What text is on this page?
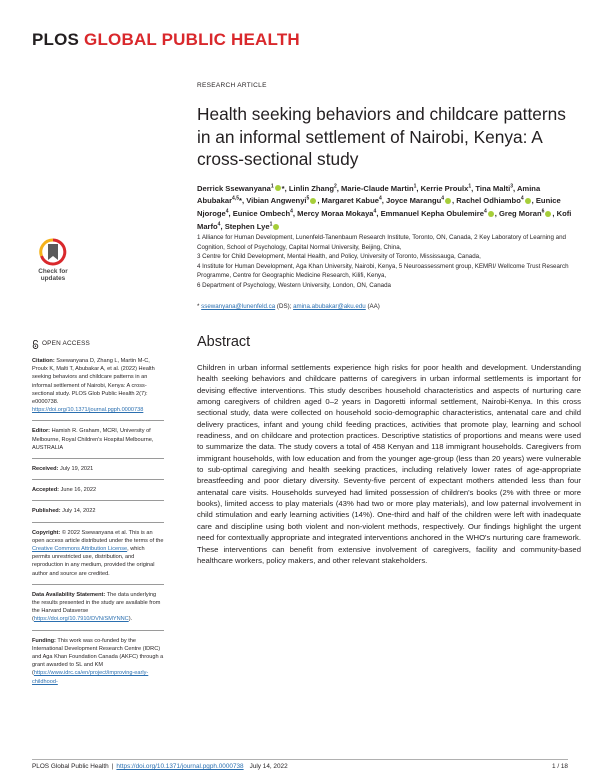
PLOS GLOBAL PUBLIC HEALTH
RESEARCH ARTICLE
Health seeking behaviors and childcare patterns in an informal settlement of Nairobi, Kenya: A cross-sectional study
Derrick Ssewanyana$^1$ *, Linlin Zhang$^2$, Marie-Claude Martin$^1$, Kerrie Proulx$^1$, Tina Malti$^3$, Amina Abubakar$^{4,5}$*, Vibian Angwenyi$^5$ , Margaret Kabue$^4$, Joyce Marangu$^4$ , Rachel Odhiambo$^4$ , Eunice Njoroge$^4$, Eunice Ombech$^4$, Mercy Moraa Mokaya$^4$, Emmanuel Kepha Obulemire$^4$ , Greg Moran$^6$ , Kofi Marfo$^4$, Stephen Lye$^1$
1 Alliance for Human Development, Lunenfeld-Tanenbaum Research Institute, Toronto, ON, Canada, 2 Key Laboratory of Learning and Cognition, School of Psychology, Capital Normal University, Beijing, China,
3 Centre for Child Development, Mental Health, and Policy, University of Toronto, Mississauga, Canada,
4 Institute for Human Development, Aga Khan University, Nairobi, Kenya, 5 Neuroassessment group, KEMRI/ Wellcome Trust Research Programme, Centre for Geographic Medicine Research, Kilifi, Kenya,
6 Department of Psychology, Western University, London, ON, Canada
* ssewanyana@lunenfeld.ca (DS); amina.abubakar@aku.edu (AA)
Check for
updates
OPEN ACCESS
Citation: Ssewanyana D, Zhang L, Martin M-C, Proulx K, Malti T, Abubakar A, et al. (2022) Health seeking behaviors and childcare patterns in an informal settlement of Nairobi, Kenya: A cross-sectional study. PLOS Glob Public Health 2(7): e0000738. https://doi.org/10.1371/journal.pgph.0000738
Editor: Hamish R. Graham, MCRI, University of Melbourne, Royal Children's Hospital Melbourne, AUSTRALIA
Received: July 19, 2021
Accepted: June 16, 2022
Published: July 14, 2022
Copyright: © 2022 Ssewanyana et al. This is an open access article distributed under the terms of the Creative Commons Attribution License, which permits unrestricted use, distribution, and reproduction in any medium, provided the original author and source are credited.
Data Availability Statement: The data underlying the results presented in the study are available from the Harvard Dataverse (https://doi.org/10.7910/DVN/SMYNNC).
Funding: This work was co-funded by the International Development Research Centre (IDRC) and Aga Khan Foundation Canada (AKFC) through a grant awarded to SL and KM (https://www.idrc.ca/en/project/improving-early-childhood-
Abstract
Children in urban informal settlements experience high risks for poor health and development. Understanding health seeking behaviors and childcare patterns of caregivers in urban informal settlements is important for devising effective interventions. This study describes household characteristics and aspects of nurturing care among caregivers of children aged 0–2 years in Dagoretti informal settlement, Nairobi-Kenya. In this cross sectional study, data were collected on household socio-demographic characteristics, antenatal care and child delivery practices, infant and young child feeding practices, activities that promote play, learning and school readiness, and on childcare and protection practices. Descriptive statistics of proportions and means were used to summarize the data. The study covers a total of 458 Kenyan and 118 immigrant households. Caregivers from immigrant households, with low education and from the younger age-group (less than 20 years) were vulnerable to sub-optimal caregiving and health seeking practices, including relatively lower rates of age-appropriate breastfeeding and poor dietary diversity. Seventy-five percent of expectant mothers attended less than four antenatal care visits. Households surveyed had limited possession of children's books (2% with three or more books), limited access to play materials (43% had two or more play materials), and low paternal involvement in child stimulation and early learning activities (14%). One-third and half of the children were left with inadequate care and discipline using both violent and non-violent methods, respectively. Our findings highlight the urgent need for contextually appropriate and integrated interventions anchored in the WHO's nurturing care framework. These interventions can benefit from extensive involvement of caregivers, facility and community-based healthcare workers, policy makers, and other relevant stakeholders.
PLOS Global Public Health | https://doi.org/10.1371/journal.pgph.0000738 July 14, 2022	1 / 18
